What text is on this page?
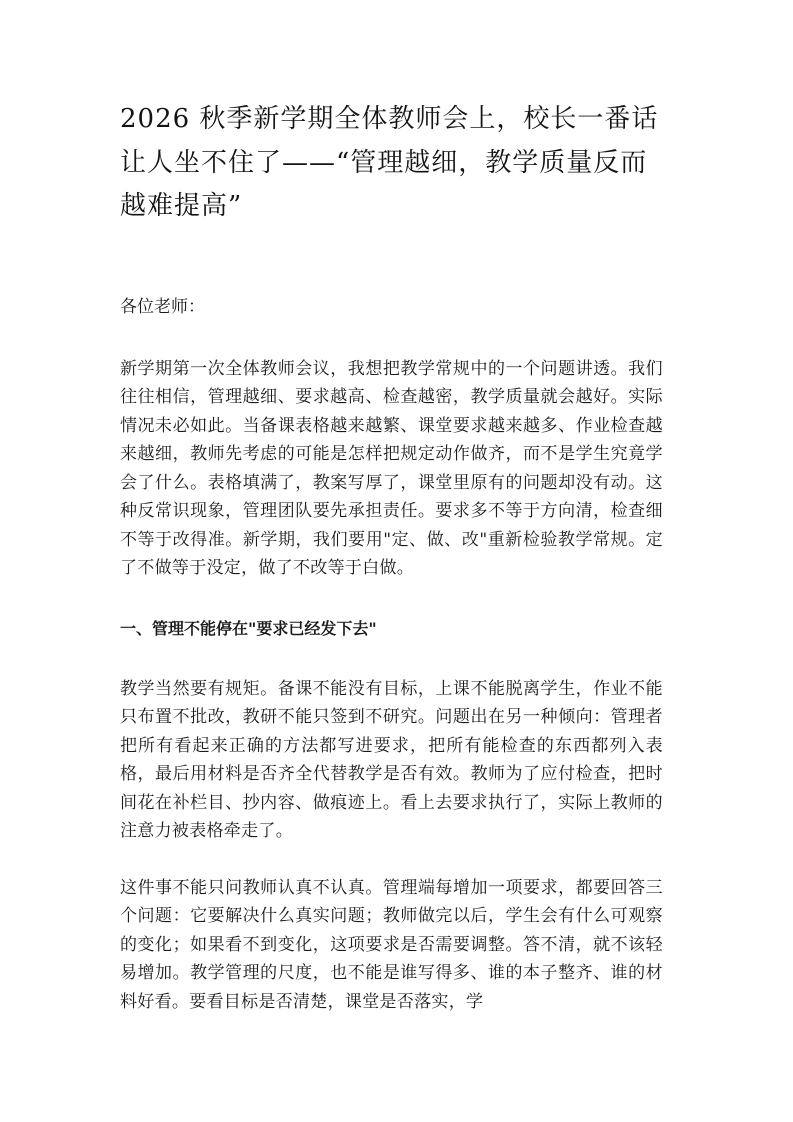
2026 秋季新学期全体教师会上，校长一番话让人坐不住了——“管理越细，教学质量反而越难提高”

各位老师：

新学期第一次全体教师会议，我想把教学常规中的一个问题讲透。我们往往相信，管理越细、要求越高、检查越密，教学质量就会越好。实际情况未必如此。当备课表格越来越繁、课堂要求越来越多、作业检查越来越细，教师先考虑的可能是怎样把规定动作做齐，而不是学生究竟学会了什么。表格填满了，教案写厚了，课堂里原有的问题却没有动。这种反常识现象，管理团队要先承担责任。要求多不等于方向清，检查细不等于改得准。新学期，我们要用"定、做、改"重新检验教学常规。定了不做等于没定，做了不改等于白做。

一、管理不能停在"要求已经发下去"

教学当然要有规矩。备课不能没有目标，上课不能脱离学生，作业不能只布置不批改，教研不能只签到不研究。问题出在另一种倾向：管理者把所有看起来正确的方法都写进要求，把所有能检查的东西都列入表格，最后用材料是否齐全代替教学是否有效。教师为了应付检查，把时间花在补栏目、抄内容、做痕迹上。看上去要求执行了，实际上教师的注意力被表格牵走了。

这件事不能只问教师认真不认真。管理端每增加一项要求，都要回答三个问题：它要解决什么真实问题；教师做完以后，学生会有什么可观察的变化；如果看不到变化，这项要求是否需要调整。答不清，就不该轻易增加。教学管理的尺度，也不能是谁写得多、谁的本子整齐、谁的材料好看。要看目标是否清楚，课堂是否落实，学
